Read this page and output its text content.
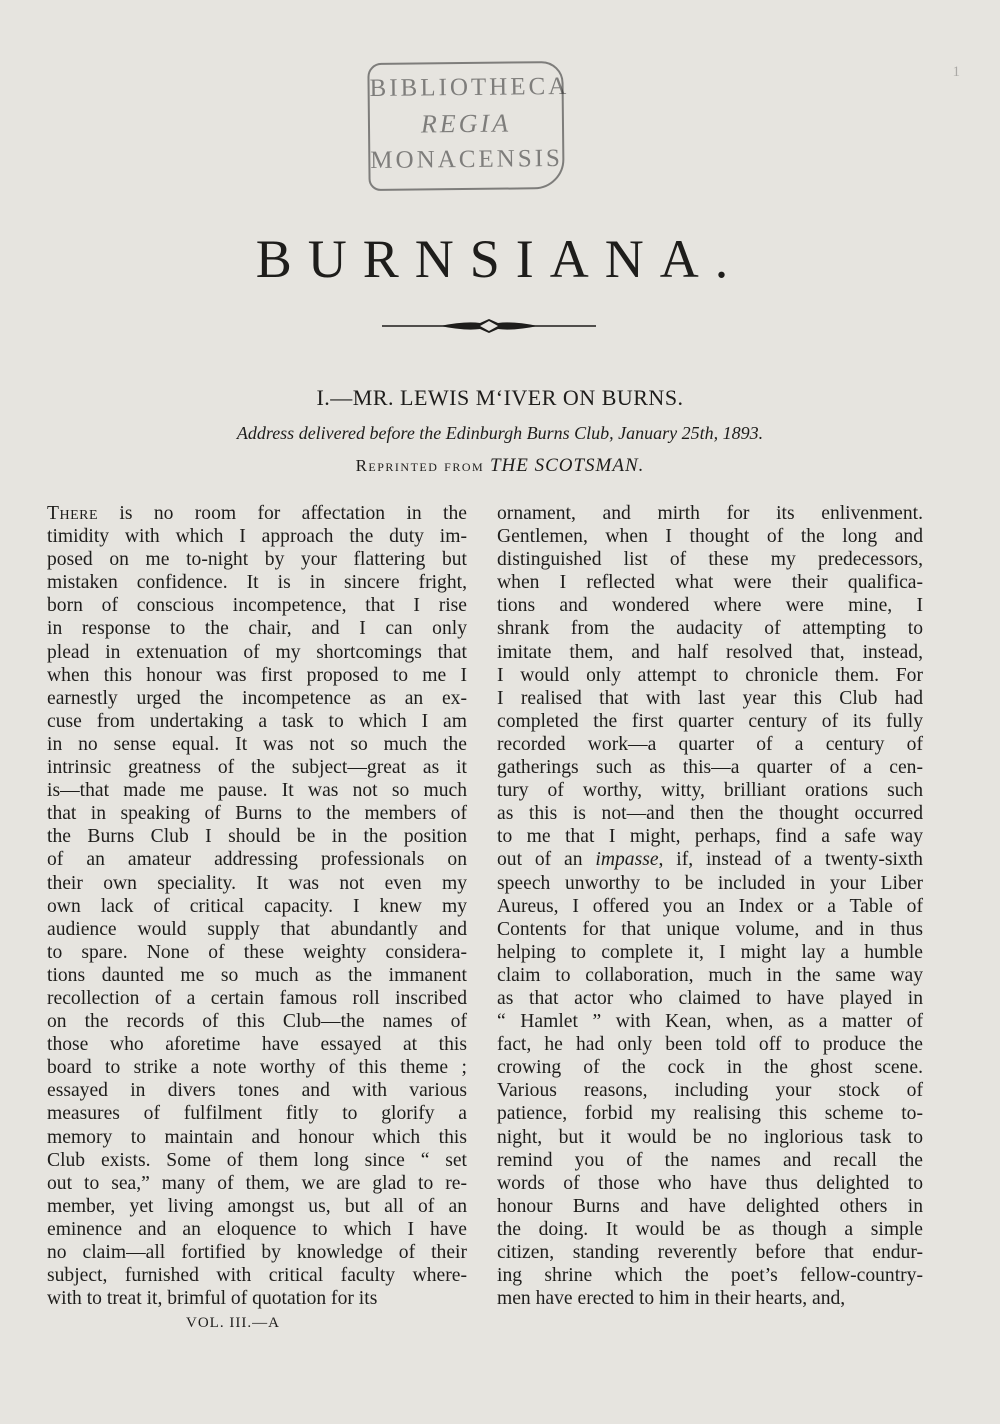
BIBLIOTHECA
REGIA
MONACENSIS
1
BURNSIANA.
I.—MR. LEWIS M‘IVER ON BURNS.
Address delivered before the Edinburgh Burns Club, January 25th, 1893.
Reprinted from THE SCOTSMAN.
There is no room for affectation in the
timidity with which I approach the duty im-
posed on me to-night by your flattering but
mistaken confidence. It is in sincere fright,
born of conscious incompetence, that I rise
in response to the chair, and I can only
plead in extenuation of my shortcomings that
when this honour was first proposed to me I
earnestly urged the incompetence as an ex-
cuse from undertaking a task to which I am
in no sense equal. It was not so much the
intrinsic greatness of the subject—great as it
is—that made me pause. It was not so much
that in speaking of Burns to the members of
the Burns Club I should be in the position
of an amateur addressing professionals on
their own speciality. It was not even my
own lack of critical capacity. I knew my
audience would supply that abundantly and
to spare. None of these weighty considera-
tions daunted me so much as the immanent
recollection of a certain famous roll inscribed
on the records of this Club—the names of
those who aforetime have essayed at this
board to strike a note worthy of this theme ;
essayed in divers tones and with various
measures of fulfilment fitly to glorify a
memory to maintain and honour which this
Club exists. Some of them long since “ set
out to sea,” many of them, we are glad to re-
member, yet living amongst us, but all of an
eminence and an eloquence to which I have
no claim—all fortified by knowledge of their
subject, furnished with critical faculty where-
with to treat it, brimful of quotation for its
ornament, and mirth for its enlivenment.
Gentlemen, when I thought of the long and
distinguished list of these my predecessors,
when I reflected what were their qualifica-
tions and wondered where were mine, I
shrank from the audacity of attempting to
imitate them, and half resolved that, instead,
I would only attempt to chronicle them. For
I realised that with last year this Club had
completed the first quarter century of its fully
recorded work—a quarter of a century of
gatherings such as this—a quarter of a cen-
tury of worthy, witty, brilliant orations such
as this is not—and then the thought occurred
to me that I might, perhaps, find a safe way
out of an impasse, if, instead of a twenty-sixth
speech unworthy to be included in your Liber
Aureus, I offered you an Index or a Table of
Contents for that unique volume, and in thus
helping to complete it, I might lay a humble
claim to collaboration, much in the same way
as that actor who claimed to have played in
“ Hamlet ” with Kean, when, as a matter of
fact, he had only been told off to produce the
crowing of the cock in the ghost scene.
Various reasons, including your stock of
patience, forbid my realising this scheme to-
night, but it would be no inglorious task to
remind you of the names and recall the
words of those who have thus delighted to
honour Burns and have delighted others in
the doing. It would be as though a simple
citizen, standing reverently before that endur-
ing shrine which the poet’s fellow-country-
men have erected to him in their hearts, and,
VOL. III.—A
